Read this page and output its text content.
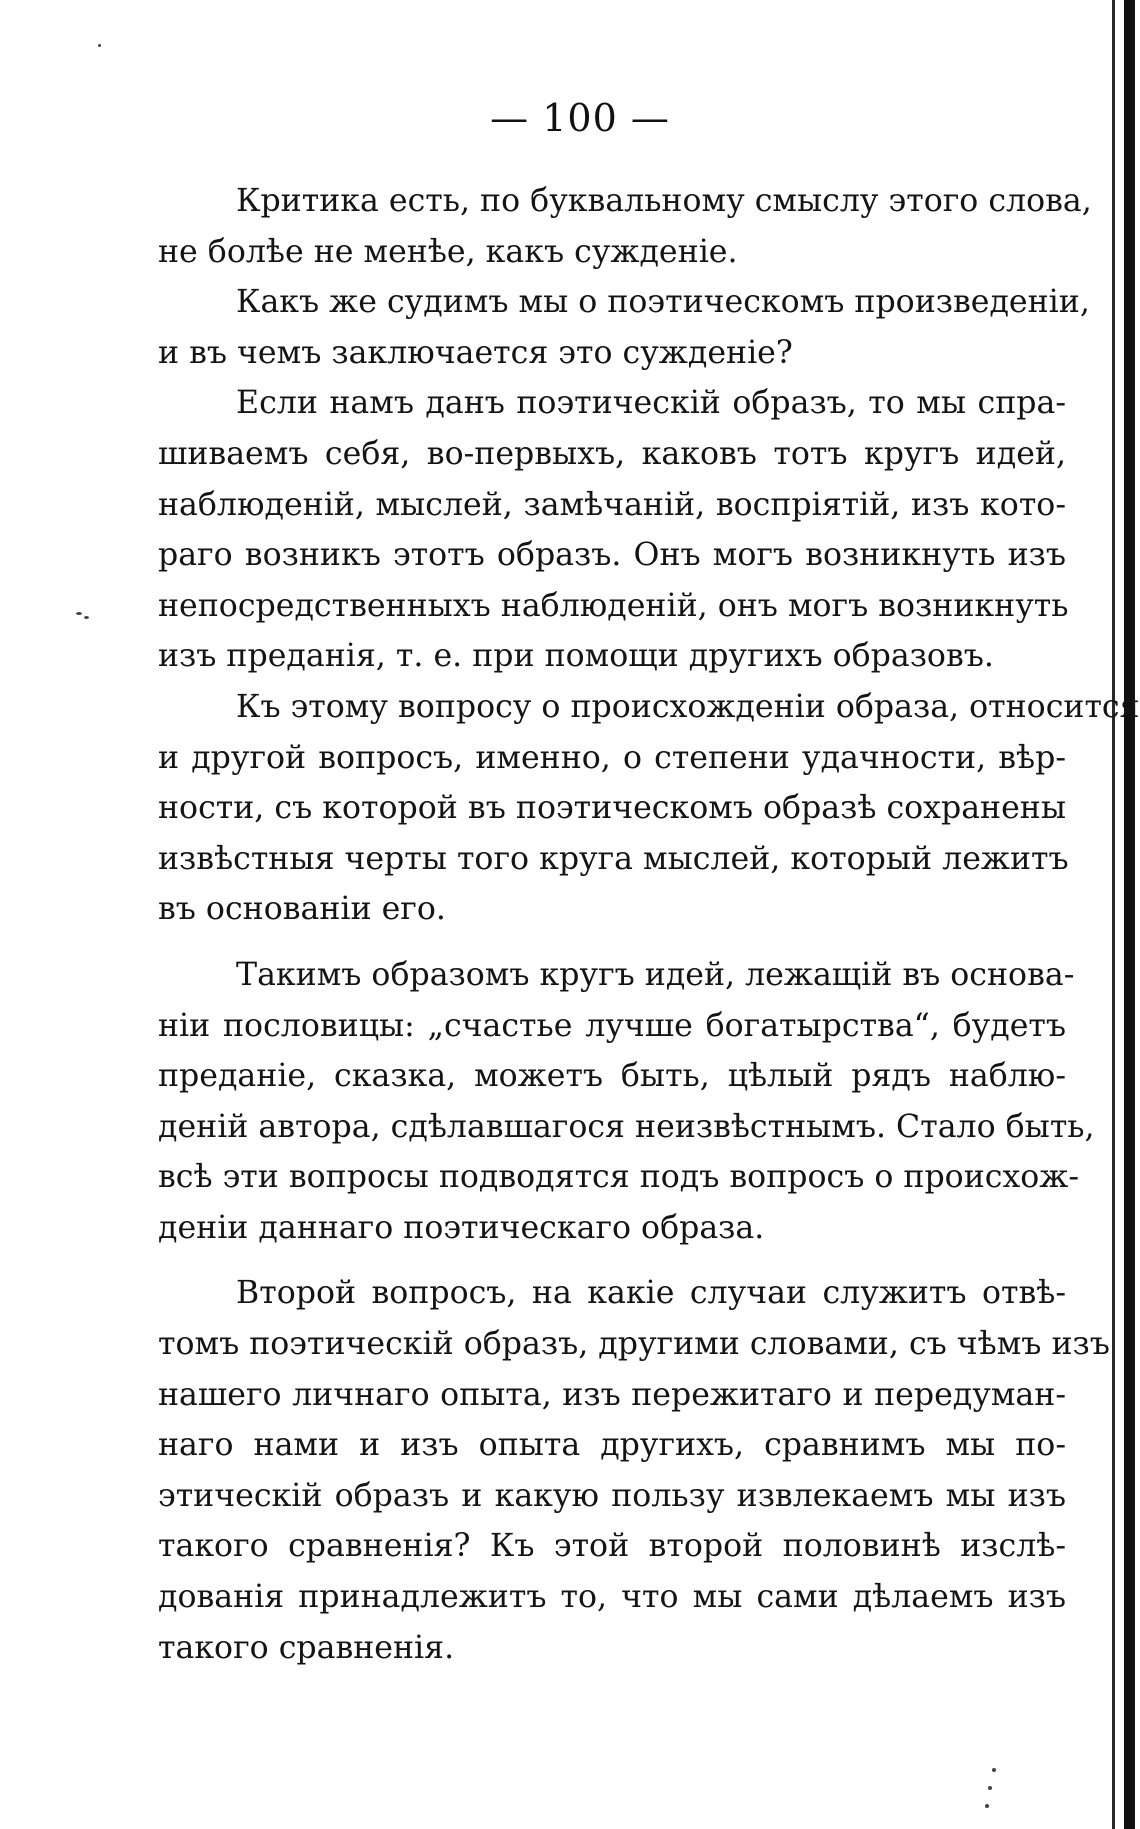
— 100 —

Критика есть, по буквальному смыслу этого слова,
не болѣе не менѣе, какъ сужденіе.

Какъ же судимъ мы о поэтическомъ произведеніи,
и въ чемъ заключается это сужденіе?

Если намъ данъ поэтическій образъ, то мы спра-
шиваемъ себя, во-первыхъ, каковъ тотъ кругъ идей,
наблюденій, мыслей, замѣчаній, воспріятій, изъ кото-
раго возникъ этотъ образъ. Онъ могъ возникнуть изъ
непосредственныхъ наблюденій, онъ могъ возникнуть
изъ преданія, т. е. при помощи другихъ образовъ.

Къ этому вопросу о происхожденіи образа, относится
и другой вопросъ, именно, о степени удачности, вѣр-
ности, съ которой въ поэтическомъ образѣ сохранены
извѣстныя черты того круга мыслей, который лежитъ
въ основаніи его.

Такимъ образомъ кругъ идей, лежащій въ основа-
ніи пословицы: „счастье лучше богатырства“, будетъ
преданіе, сказка, можетъ быть, цѣлый рядъ наблю-
деній автора, сдѣлавшагося неизвѣстнымъ. Стало быть,
всѣ эти вопросы подводятся подъ вопросъ о происхож-
деніи даннаго поэтическаго образа.

Второй вопросъ, на какіе случаи служитъ отвѣ-
томъ поэтическій образъ, другими словами, съ чѣмъ изъ
нашего личнаго опыта, изъ пережитаго и передуман-
наго нами и изъ опыта другихъ, сравнимъ мы по-
этическій образъ и какую пользу извлекаемъ мы изъ
такого сравненія? Къ этой второй половинѣ изслѣ-
дованія принадлежитъ то, что мы сами дѣлаемъ изъ
такого сравненія.
